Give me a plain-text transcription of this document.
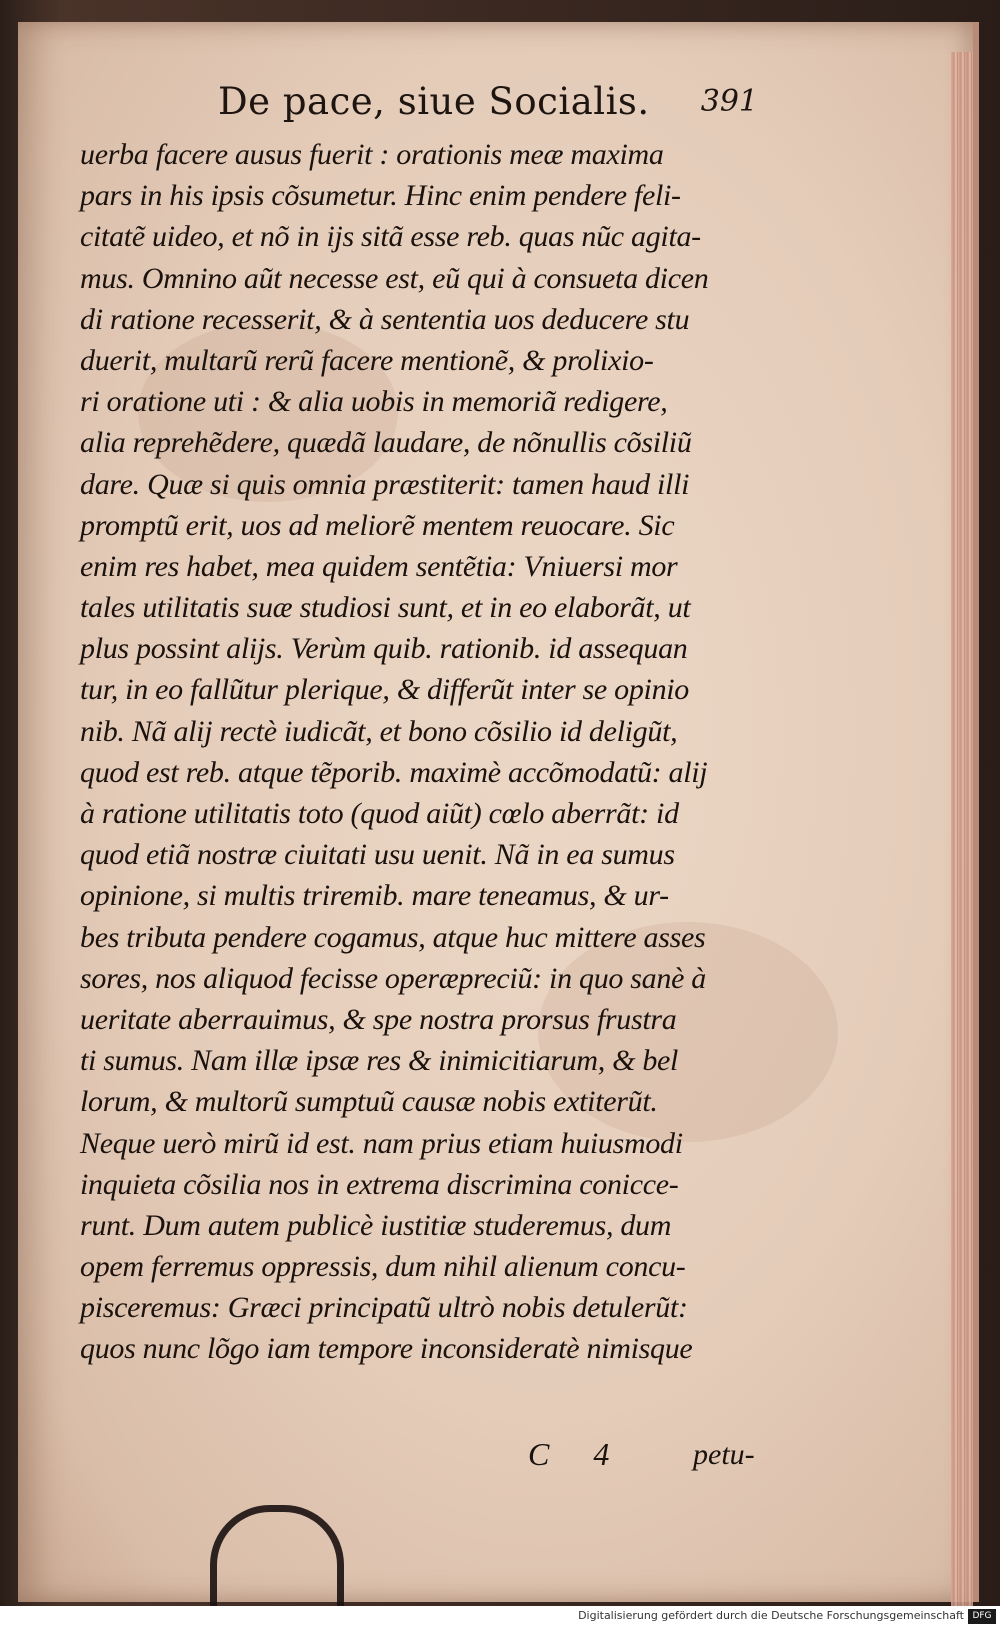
De pace, siue Socialis. 391
uerba facere ausus fuerit : orationis meæ maxima
pars in his ipsis cõsumetur. Hinc enim pendere feli-
citatẽ uideo, et nõ in ijs sitã esse reb. quas nũc agita-
mus. Omnino aũt necesse est, eũ qui à consueta dicen
di ratione recesserit, & à sententia uos deducere stu
duerit, multarũ rerũ facere mentionẽ, & prolixio-
ri oratione uti : & alia uobis in memoriã redigere,
alia reprehẽdere, quædã laudare, de nõnullis cõsiliũ
dare. Quæ si quis omnia præstiterit: tamen haud illi
promptũ erit, uos ad meliorẽ mentem reuocare. Sic
enim res habet, mea quidem sentẽtia: Vniuersi mor
tales utilitatis suæ studiosi sunt, et in eo elaborãt, ut
plus possint alijs. Verùm quib. rationib. id assequan
tur, in eo fallũtur plerique, & differũt inter se opinio
nib. Nã alij rectè iudicãt, et bono cõsilio id deligũt,
quod est reb. atque tẽporib. maximè accõmodatũ: alij
à ratione utilitatis toto (quod aiũt) cœlo aberrãt: id
quod etiã nostræ ciuitati usu uenit. Nã in ea sumus
opinione, si multis triremib. mare teneamus, & ur-
bes tributa pendere cogamus, atque huc mittere asses
sores, nos aliquod fecisse operæpreciũ: in quo sanè à
ueritate aberrauimus, & spe nostra prorsus frustra
ti sumus. Nam illæ ipsæ res & inimicitiarum, & bel
lorum, & multorũ sumptuũ causæ nobis extiterũt.
Neque uerò mirũ id est. nam prius etiam huiusmodi
inquieta cõsilia nos in extrema discrimina conicce-
runt. Dum autem publicè iustitiæ studeremus, dum
opem ferremus oppressis, dum nihil alienum concu-
pisceremus: Græci principatũ ultrò nobis detulerũt:
quos nunc lõgo iam tempore inconsideratè nimisque
C 4 petu-
Digitalisierung gefördert durch die Deutsche Forschungsgemeinschaft DFG
